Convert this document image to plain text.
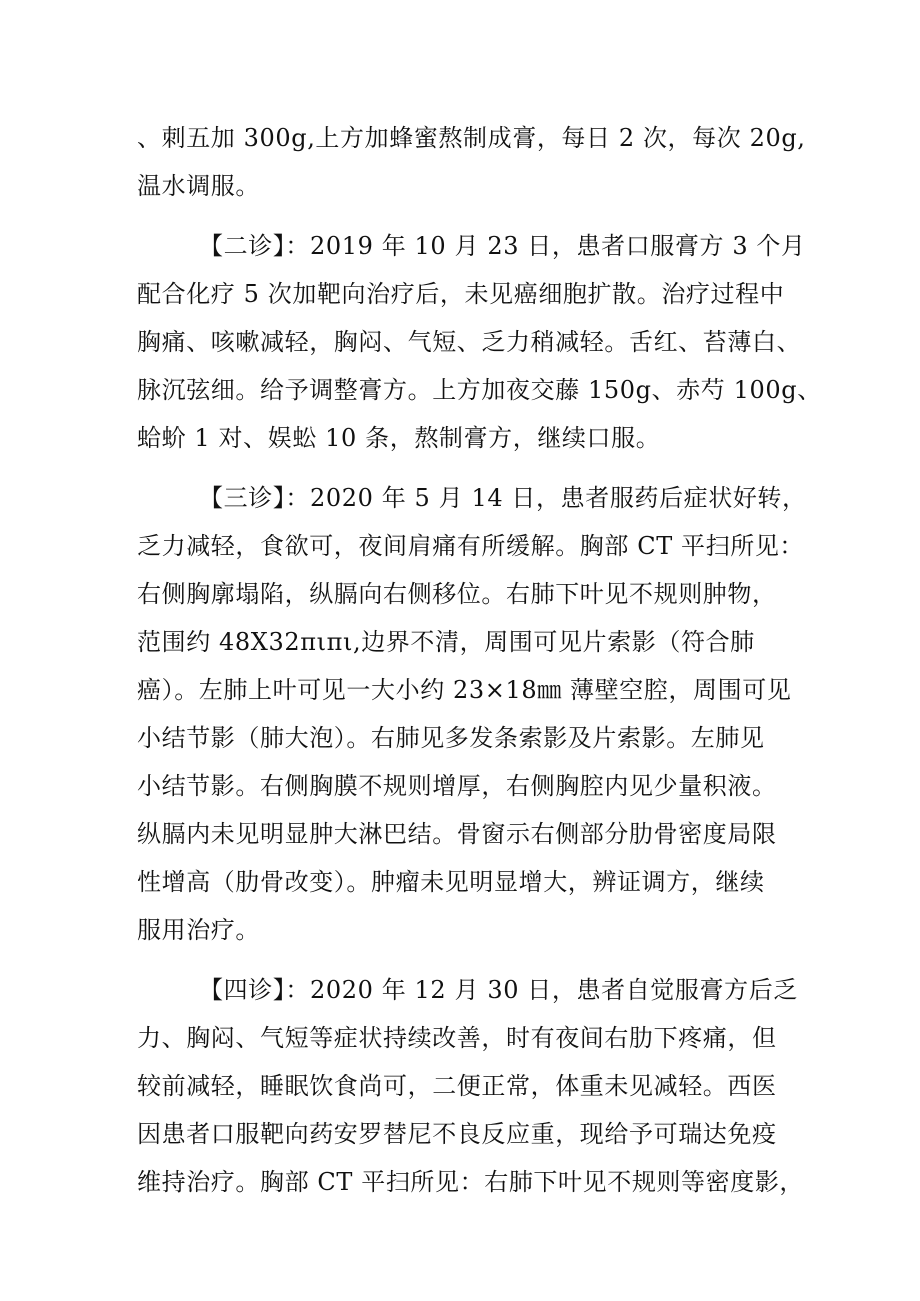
、刺五加 300g,上方加蜂蜜熬制成膏，每日 2 次，每次 20g,
温水调服。
【二诊】：2019 年 10 月 23 日，患者口服膏方 3 个月
配合化疗 5 次加靶向治疗后，未见癌细胞扩散。治疗过程中
胸痛、咳嗽减轻，胸闷、气短、乏力稍减轻。舌红、苔薄白、
脉沉弦细。给予调整膏方。上方加夜交藤 150g、赤芍 100g、
蛤蚧 1 对、娱蚣 10 条，熬制膏方，继续口服。
【三诊】：2020 年 5 月 14 日，患者服药后症状好转，
乏力减轻，食欲可，夜间肩痛有所缓解。胸部 CT 平扫所见：
右侧胸廓塌陷，纵膈向右侧移位。右肺下叶见不规则肿物，
范围约 48X32πιπι,边界不清，周围可见片索影（符合肺
癌）。左肺上叶可见一大小约 23×18㎜ 薄壁空腔，周围可见
小结节影（肺大泡）。右肺见多发条索影及片索影。左肺见
小结节影。右侧胸膜不规则增厚，右侧胸腔内见少量积液。
纵膈内未见明显肿大淋巴结。骨窗示右侧部分肋骨密度局限
性增高（肋骨改变）。肿瘤未见明显增大，辨证调方，继续
服用治疗。
【四诊】：2020 年 12 月 30 日，患者自觉服膏方后乏
力、胸闷、气短等症状持续改善，时有夜间右肋下疼痛，但
较前减轻，睡眠饮食尚可，二便正常，体重未见减轻。西医
因患者口服靶向药安罗替尼不良反应重，现给予可瑞达免疫
维持治疗。胸部 CT 平扫所见：右肺下叶见不规则等密度影，
